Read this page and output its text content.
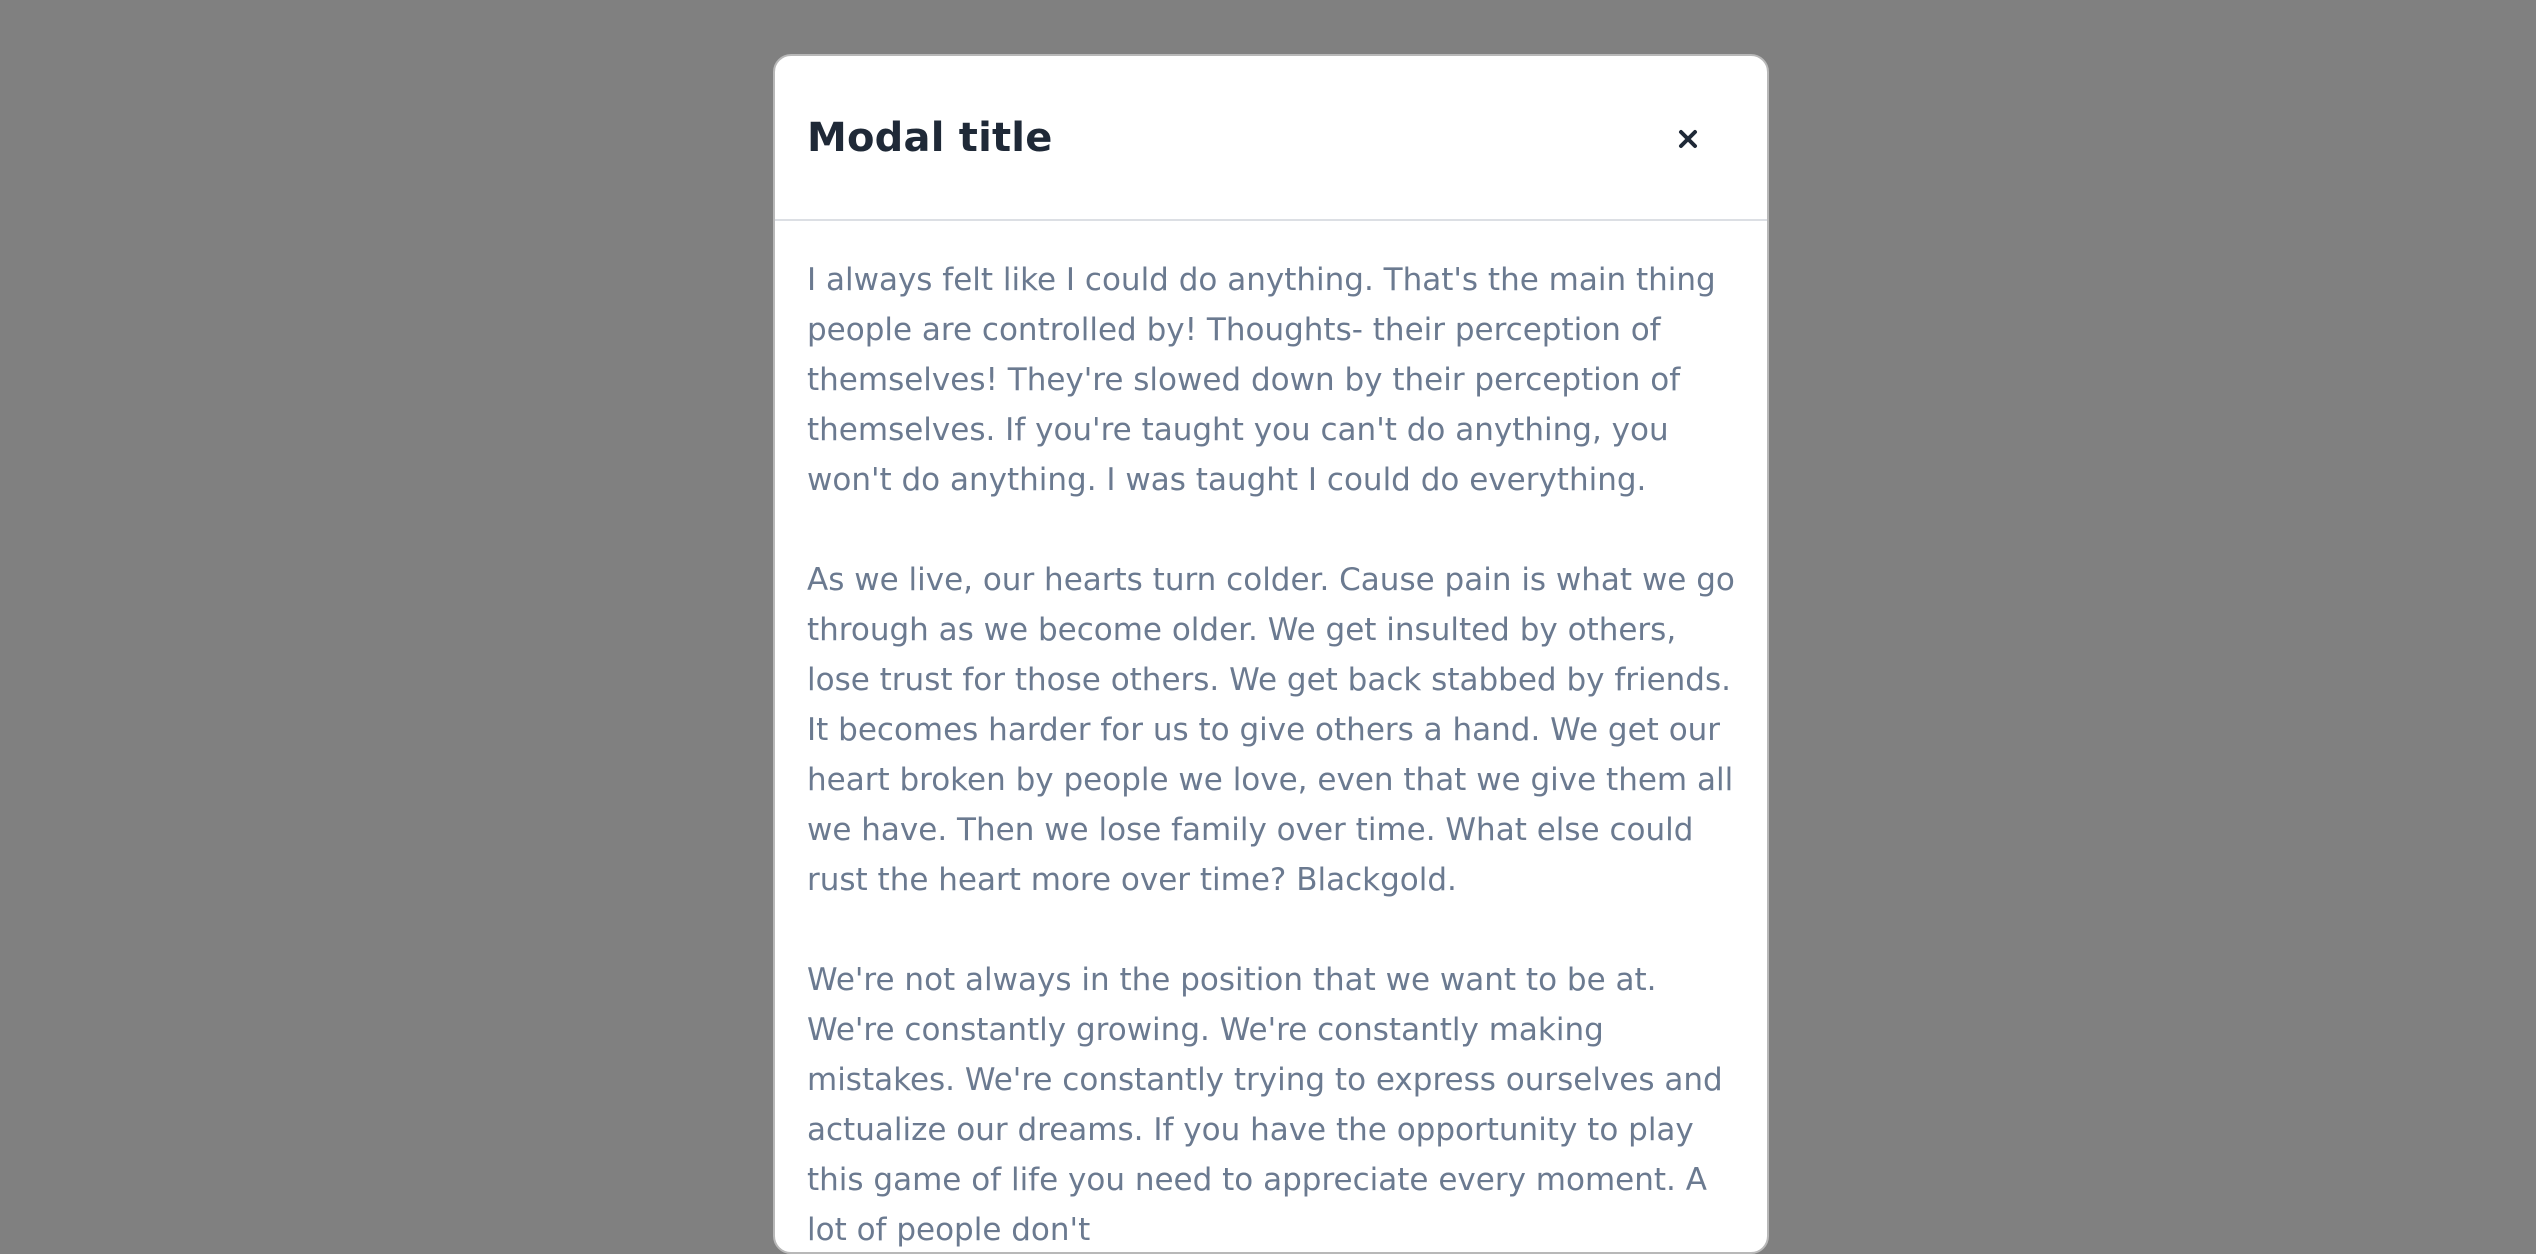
Modal title

I always felt like I could do anything. That's the main thing people are controlled by! Thoughts- their perception of themselves! They're slowed down by their perception of themselves. If you're taught you can't do anything, you won't do anything. I was taught I could do everything.

As we live, our hearts turn colder. Cause pain is what we go through as we become older. We get insulted by others, lose trust for those others. We get back stabbed by friends. It becomes harder for us to give others a hand. We get our heart broken by people we love, even that we give them all we have. Then we lose family over time. What else could rust the heart more over time? Blackgold.

We're not always in the position that we want to be at. We're constantly growing. We're constantly making mistakes. We're constantly trying to express ourselves and actualize our dreams. If you have the opportunity to play this game of life you need to appreciate every moment. A lot of people don't
